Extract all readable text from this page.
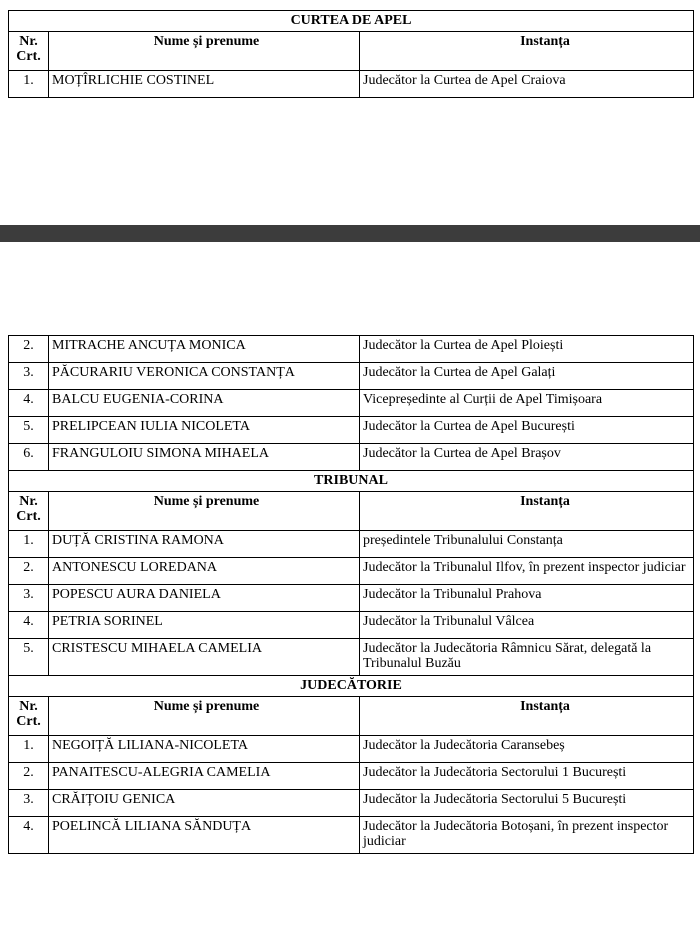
CURTEA DE APEL		
Nr. Crt.	Nume și prenume	Instanța
1.	MOȚÎRLICHIE COSTINEL	Judecător la Curtea de Apel Craiova
2.	MITRACHE ANCUȚA MONICA	Judecător la Curtea de Apel Ploiești
3.	PĂCURARIU VERONICA CONSTANȚA	Judecător la Curtea de Apel Galați
4.	BALCU EUGENIA-CORINA	Vicepreședinte al Curții de Apel Timișoara
5.	PRELIPCEAN IULIA NICOLETA	Judecător la Curtea de Apel București
6.	FRANGULOIU SIMONA MIHAELA	Judecător la Curtea de Apel Brașov
TRIBUNAL		
Nr. Crt.	Nume și prenume	Instanța
1.	DUȚĂ CRISTINA RAMONA	președintele Tribunalului Constanța
2.	ANTONESCU LOREDANA	Judecător la Tribunalul Ilfov, în prezent inspector judiciar
3.	POPESCU AURA DANIELA	Judecător la Tribunalul Prahova
4.	PETRIA SORINEL	Judecător la Tribunalul Vâlcea
5.	CRISTESCU MIHAELA CAMELIA	Judecător la Judecătoria Râmnicu Sărat, delegată la Tribunalul Buzău
JUDECĂTORIE		
Nr. Crt.	Nume și prenume	Instanța
1.	NEGOIȚĂ LILIANA-NICOLETA	Judecător la Judecătoria Caransebeș
2.	PANAITESCU-ALEGRIA CAMELIA	Judecător la Judecătoria Sectorului 1 București
3.	CRĂIȚOIU GENICA	Judecător la Judecătoria Sectorului 5 București
4.	POELINCĂ LILIANA SĂNDUȚA	Judecător la Judecătoria Botoșani, în prezent inspector judiciar
